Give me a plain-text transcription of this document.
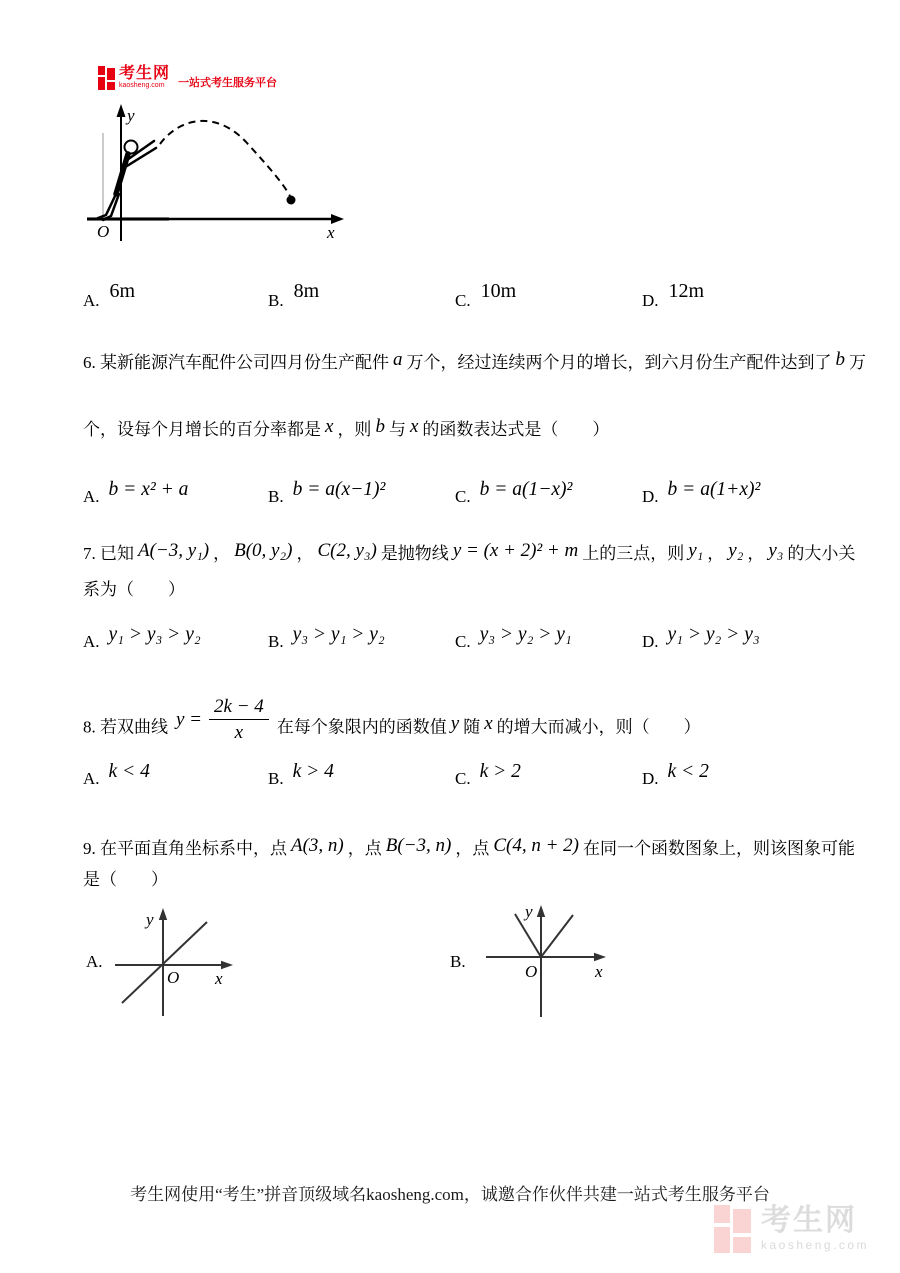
考生网
kaosheng.com	一站式考生服务平台
y
x
O
A. 6m	B. 8m	C. 10m	D. 12m
6. 某新能源汽车配件公司四月份生产配件 a 万个，经过连续两个月的增长，到六月份生产配件达到了 b 万
个，设每个月增长的百分率都是 x ，则 b 与 x 的函数表达式是（　　）
A. b = x² + a	B. b = a(x−1)²	C. b = a(1−x)²	D. b = a(1+x)²
7. 已知 A(−3, y₁) ， B(0, y₂) ， C(2, y₃) 是抛物线 y = (x + 2)² + m 上的三点，则 y₁ ， y₂ ， y₃ 的大小关
系为（　　）
A. y₁ > y₃ > y₂	B. y₃ > y₁ > y₂	C. y₃ > y₂ > y₁	D. y₁ > y₂ > y₃
8. 若双曲线 $y = \frac{2k - 4}{x}$ 在每个象限内的函数值 y 随 x 的增大而减小，则（　　）
A. k < 4	B. k > 4	C. k > 2	D. k < 2
9. 在平面直角坐标系中，点 A(3, n) ，点 B(−3, n) ，点 C(4, n + 2) 在同一个函数图象上，则该图象可能
是（　　）
A.
y
O x
B.
y
O	x
考生网使用“考生”拼音顶级域名kaosheng.com，诚邀合作伙伴共建一站式考生服务平台
考生网
kaosheng.com
